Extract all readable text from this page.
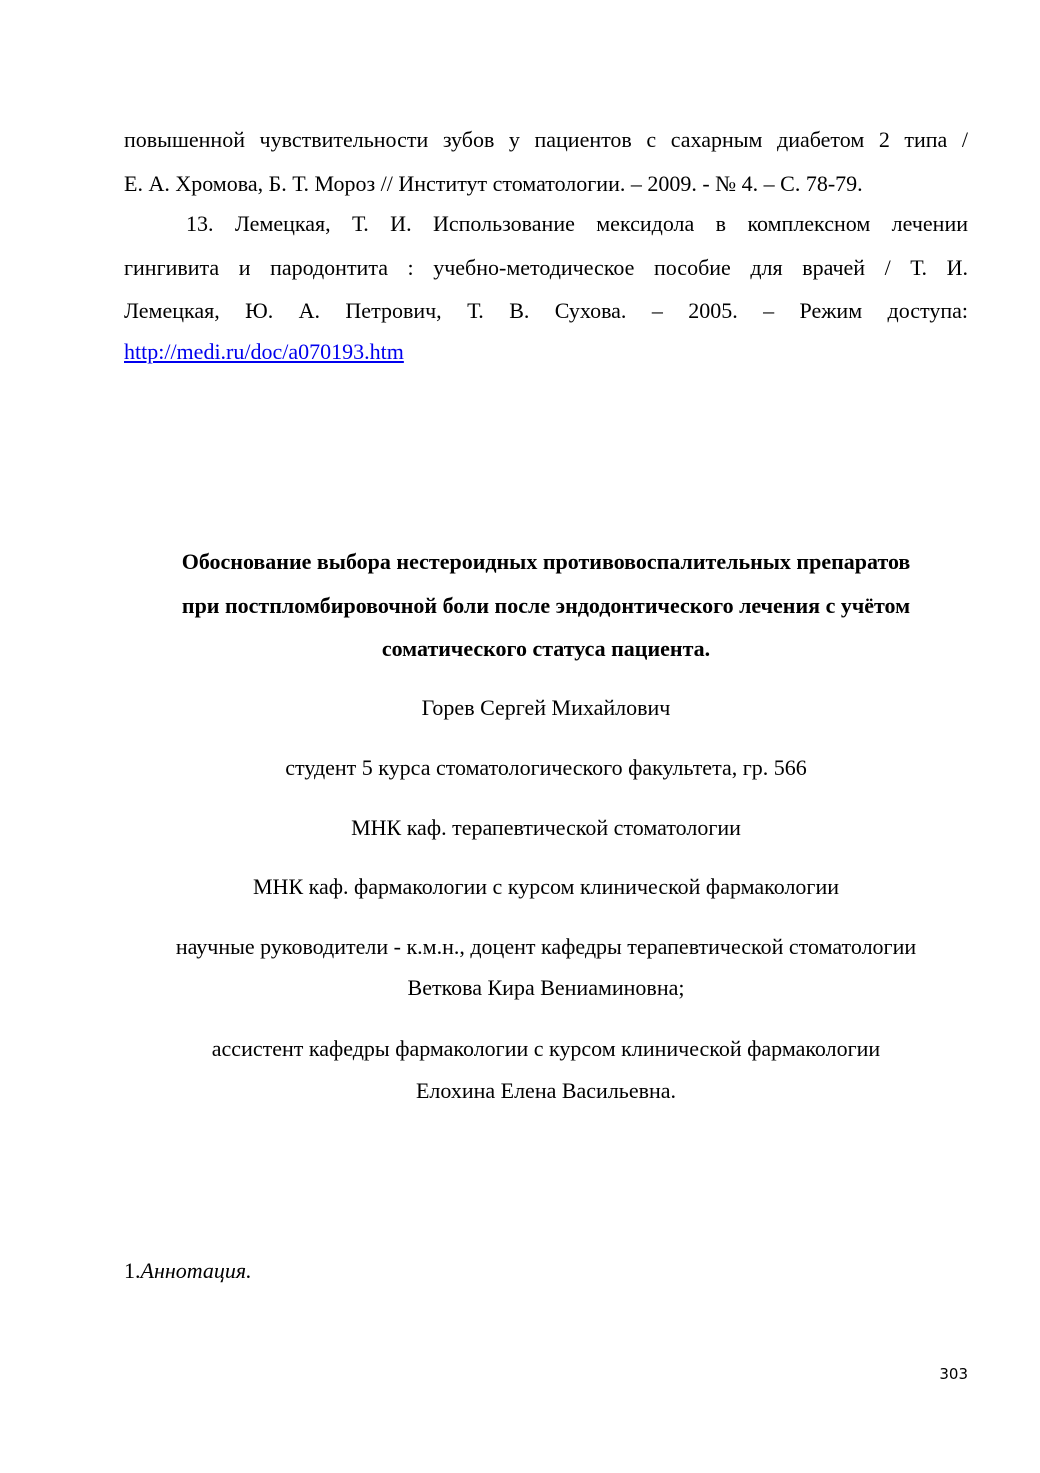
повышенной чувствительности зубов у пациентов с сахарным диабетом 2 типа /
Е. А. Хромова, Б. Т. Мороз // Институт стоматологии. – 2009. - № 4. – С. 78-79.
13. Лемецкая, Т. И. Использование мексидола в комплексном лечении
гингивита и пародонтита : учебно-методическое пособие для врачей / Т. И.
Лемецкая, Ю. А. Петрович, Т. В. Сухова. – 2005. – Режим доступа:
http://medi.ru/doc/a070193.htm
Обоснование выбора нестероидных противовоспалительных препаратов
при постпломбировочной боли после эндодонтического лечения с учётом
соматического статуса пациента.
Горев Сергей Михайлович
студент 5 курса стоматологического факультета, гр. 566
МНК каф. терапевтической стоматологии
МНК каф. фармакологии с курсом клинической фармакологии
научные руководители - к.м.н., доцент кафедры терапевтической стоматологии
Веткова Кира Вениаминовна;
ассистент кафедры фармакологии с курсом клинической фармакологии
Елохина Елена Васильевна.
1.Аннотация.
303
